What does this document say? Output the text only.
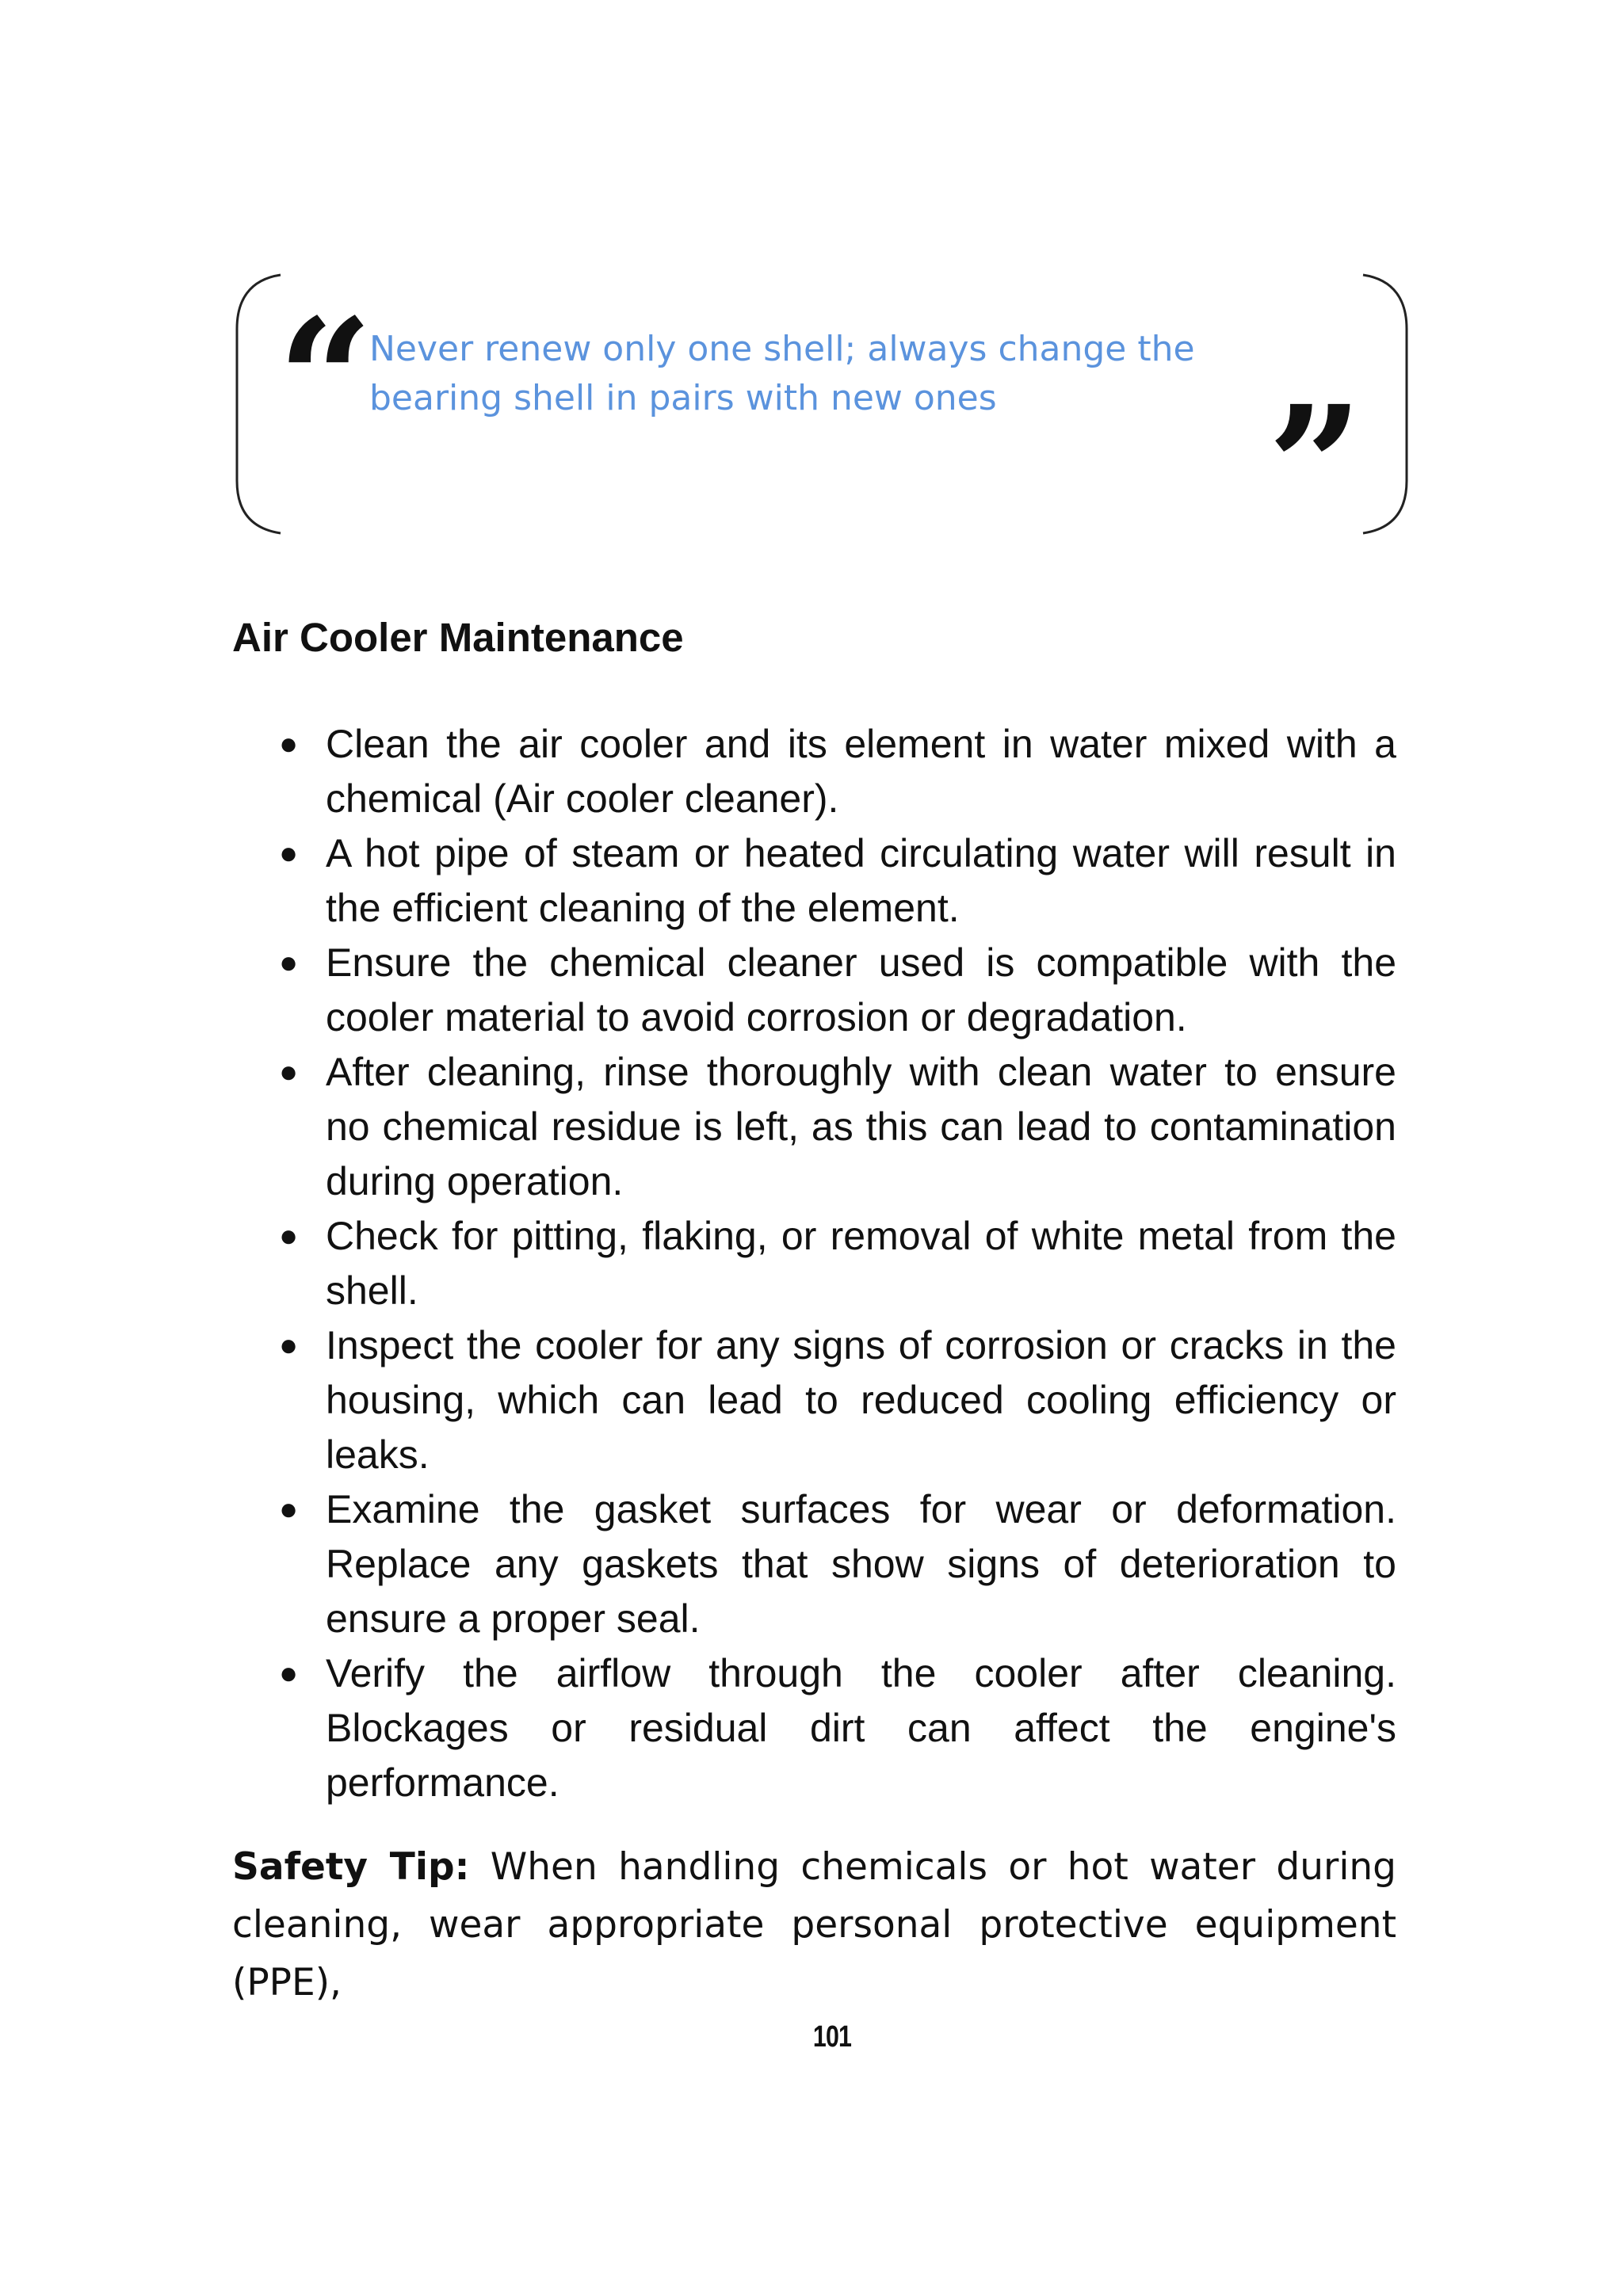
“
Never renew only one shell; always change the bearing shell in pairs with new ones	”
Air Cooler Maintenance
● Clean the air cooler and its element in water mixed with a chemical (Air cooler cleaner).
● A hot pipe of steam or heated circulating water will result in the efficient cleaning of the element.
● Ensure the chemical cleaner used is compatible with the cooler material to avoid corrosion or degradation.
● After cleaning, rinse thoroughly with clean water to ensure no chemical residue is left, as this can lead to contamination during operation.
● Check for pitting, flaking, or removal of white metal from the shell.
● Inspect the cooler for any signs of corrosion or cracks in the housing, which can lead to reduced cooling efficiency or leaks.
● Examine the gasket surfaces for wear or deformation. Replace any gaskets that show signs of deterioration to ensure a proper seal.
● Verify the airflow through the cooler after cleaning. Blockages or residual dirt can affect the engine's performance.

Safety Tip: When handling chemicals or hot water during cleaning, wear appropriate personal protective equipment (PPE),

101
